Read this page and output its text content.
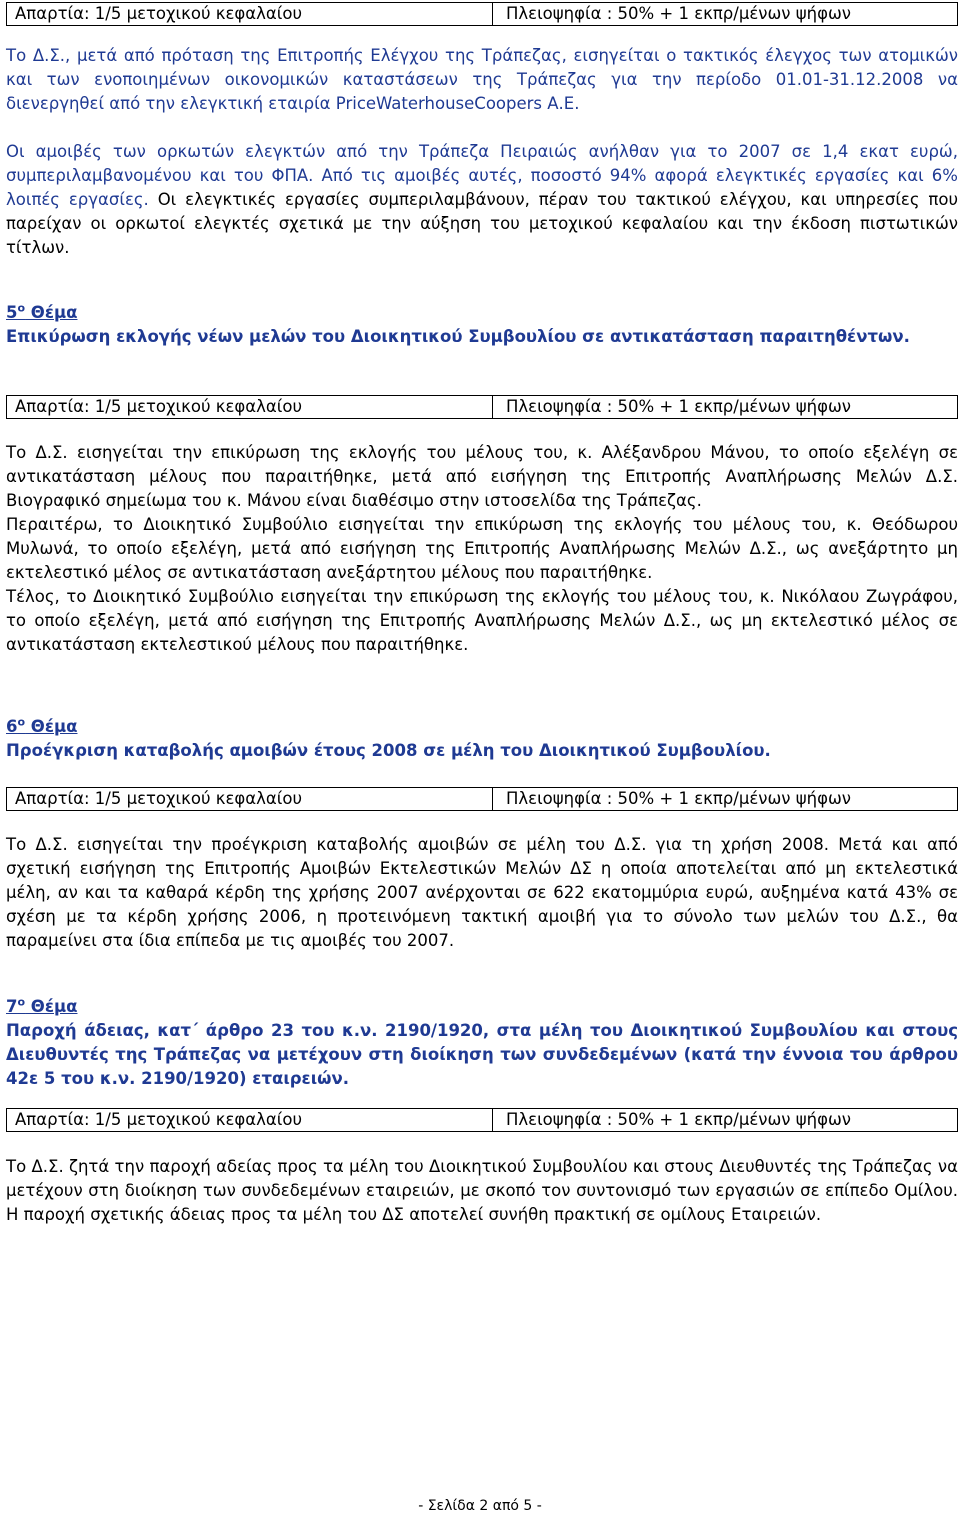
Απαρτία: 1/5 μετοχικού κεφαλαίου	Πλειοψηφία : 50% + 1 εκπρ/μένων ψήφων

Το Δ.Σ., μετά από πρόταση της Επιτροπής Ελέγχου της Τράπεζας, εισηγείται ο τακτικός έλεγχος των ατομικών και των ενοποιημένων οικονομικών καταστάσεων της Τράπεζας για την περίοδο 01.01-31.12.2008 να διενεργηθεί από την ελεγκτική εταιρία PriceWaterhouseCoopers Α.Ε.

Οι αμοιβές των ορκωτών ελεγκτών από την Τράπεζα Πειραιώς ανήλθαν για το 2007 σε 1,4 εκατ ευρώ, συμπεριλαμβανομένου και του ΦΠΑ. Από τις αμοιβές αυτές, ποσοστό 94% αφορά ελεγκτικές εργασίες και 6% λοιπές εργασίες. Οι ελεγκτικές εργασίες συμπεριλαμβάνουν, πέραν του τακτικού ελέγχου, και υπηρεσίες που παρείχαν οι ορκωτοί ελεγκτές σχετικά με την αύξηση του μετοχικού κεφαλαίου και την έκδοση πιστωτικών τίτλων.

$5^o$ Θέμα
Επικύρωση εκλογής νέων μελών του Διοικητικού Συμβουλίου σε αντικατάσταση παραιτηθέντων.
Απαρτία: 1/5 μετοχικού κεφαλαίου	Πλειοψηφία : 50% + 1 εκπρ/μένων ψήφων

Το Δ.Σ. εισηγείται την επικύρωση της εκλογής του μέλους του, κ. Αλέξανδρου Μάνου, το οποίο εξελέγη σε αντικατάσταση μέλους που παραιτήθηκε, μετά από εισήγηση της Επιτροπής Αναπλήρωσης Μελών Δ.Σ. Βιογραφικό σημείωμα του κ. Μάνου είναι διαθέσιμο στην ιστοσελίδα της Τράπεζας.

Περαιτέρω, το Διοικητικό Συμβούλιο εισηγείται την επικύρωση της εκλογής του μέλους του, κ. Θεόδωρου Μυλωνά, το οποίο εξελέγη, μετά από εισήγηση της Επιτροπής Αναπλήρωσης Μελών Δ.Σ., ως ανεξάρτητο μη εκτελεστικό μέλος σε αντικατάσταση ανεξάρτητου μέλους που παραιτήθηκε.

Τέλος, το Διοικητικό Συμβούλιο εισηγείται την επικύρωση της εκλογής του μέλους του, κ. Νικόλαου Ζωγράφου, το οποίο εξελέγη, μετά από εισήγηση της Επιτροπής Αναπλήρωσης Μελών Δ.Σ., ως μη εκτελεστικό μέλος σε αντικατάσταση εκτελεστικού μέλους που παραιτήθηκε.

$6^o$ Θέμα
Προέγκριση καταβολής αμοιβών έτους 2008 σε μέλη του Διοικητικού Συμβουλίου.
Απαρτία: 1/5 μετοχικού κεφαλαίου	Πλειοψηφία : 50% + 1 εκπρ/μένων ψήφων

Το Δ.Σ. εισηγείται την προέγκριση καταβολής αμοιβών σε μέλη του Δ.Σ. για τη χρήση 2008. Μετά και από σχετική εισήγηση της Επιτροπής Αμοιβών Εκτελεστικών Μελών ΔΣ η οποία αποτελείται από μη εκτελεστικά μέλη, αν και τα καθαρά κέρδη της χρήσης 2007 ανέρχονται σε 622 εκατομμύρια ευρώ, αυξημένα κατά 43% σε σχέση με τα κέρδη χρήσης 2006, η προτεινόμενη τακτική αμοιβή για το σύνολο των μελών του Δ.Σ., θα παραμείνει στα ίδια επίπεδα με τις αμοιβές του 2007.

$7^o$ Θέμα
Παροχή άδειας, κατ΄ άρθρο 23 του κ.ν. 2190/1920, στα μέλη του Διοικητικού Συμβουλίου και στους Διευθυντές της Τράπεζας να μετέχουν στη διοίκηση των συνδεδεμένων (κατά την έννοια του άρθρου 42ε 5 του κ.ν. 2190/1920) εταιρειών.
Απαρτία: 1/5 μετοχικού κεφαλαίου	Πλειοψηφία : 50% + 1 εκπρ/μένων ψήφων

Το Δ.Σ. ζητά την παροχή αδείας προς τα μέλη του Διοικητικού Συμβουλίου και στους Διευθυντές της Τράπεζας να μετέχουν στη διοίκηση των συνδεδεμένων εταιρειών, με σκοπό τον συντονισμό των εργασιών σε επίπεδο Ομίλου. Η παροχή σχετικής άδειας προς τα μέλη του ΔΣ αποτελεί συνήθη πρακτική σε ομίλους Εταιρειών.

- Σελίδα 2 από 5 -
